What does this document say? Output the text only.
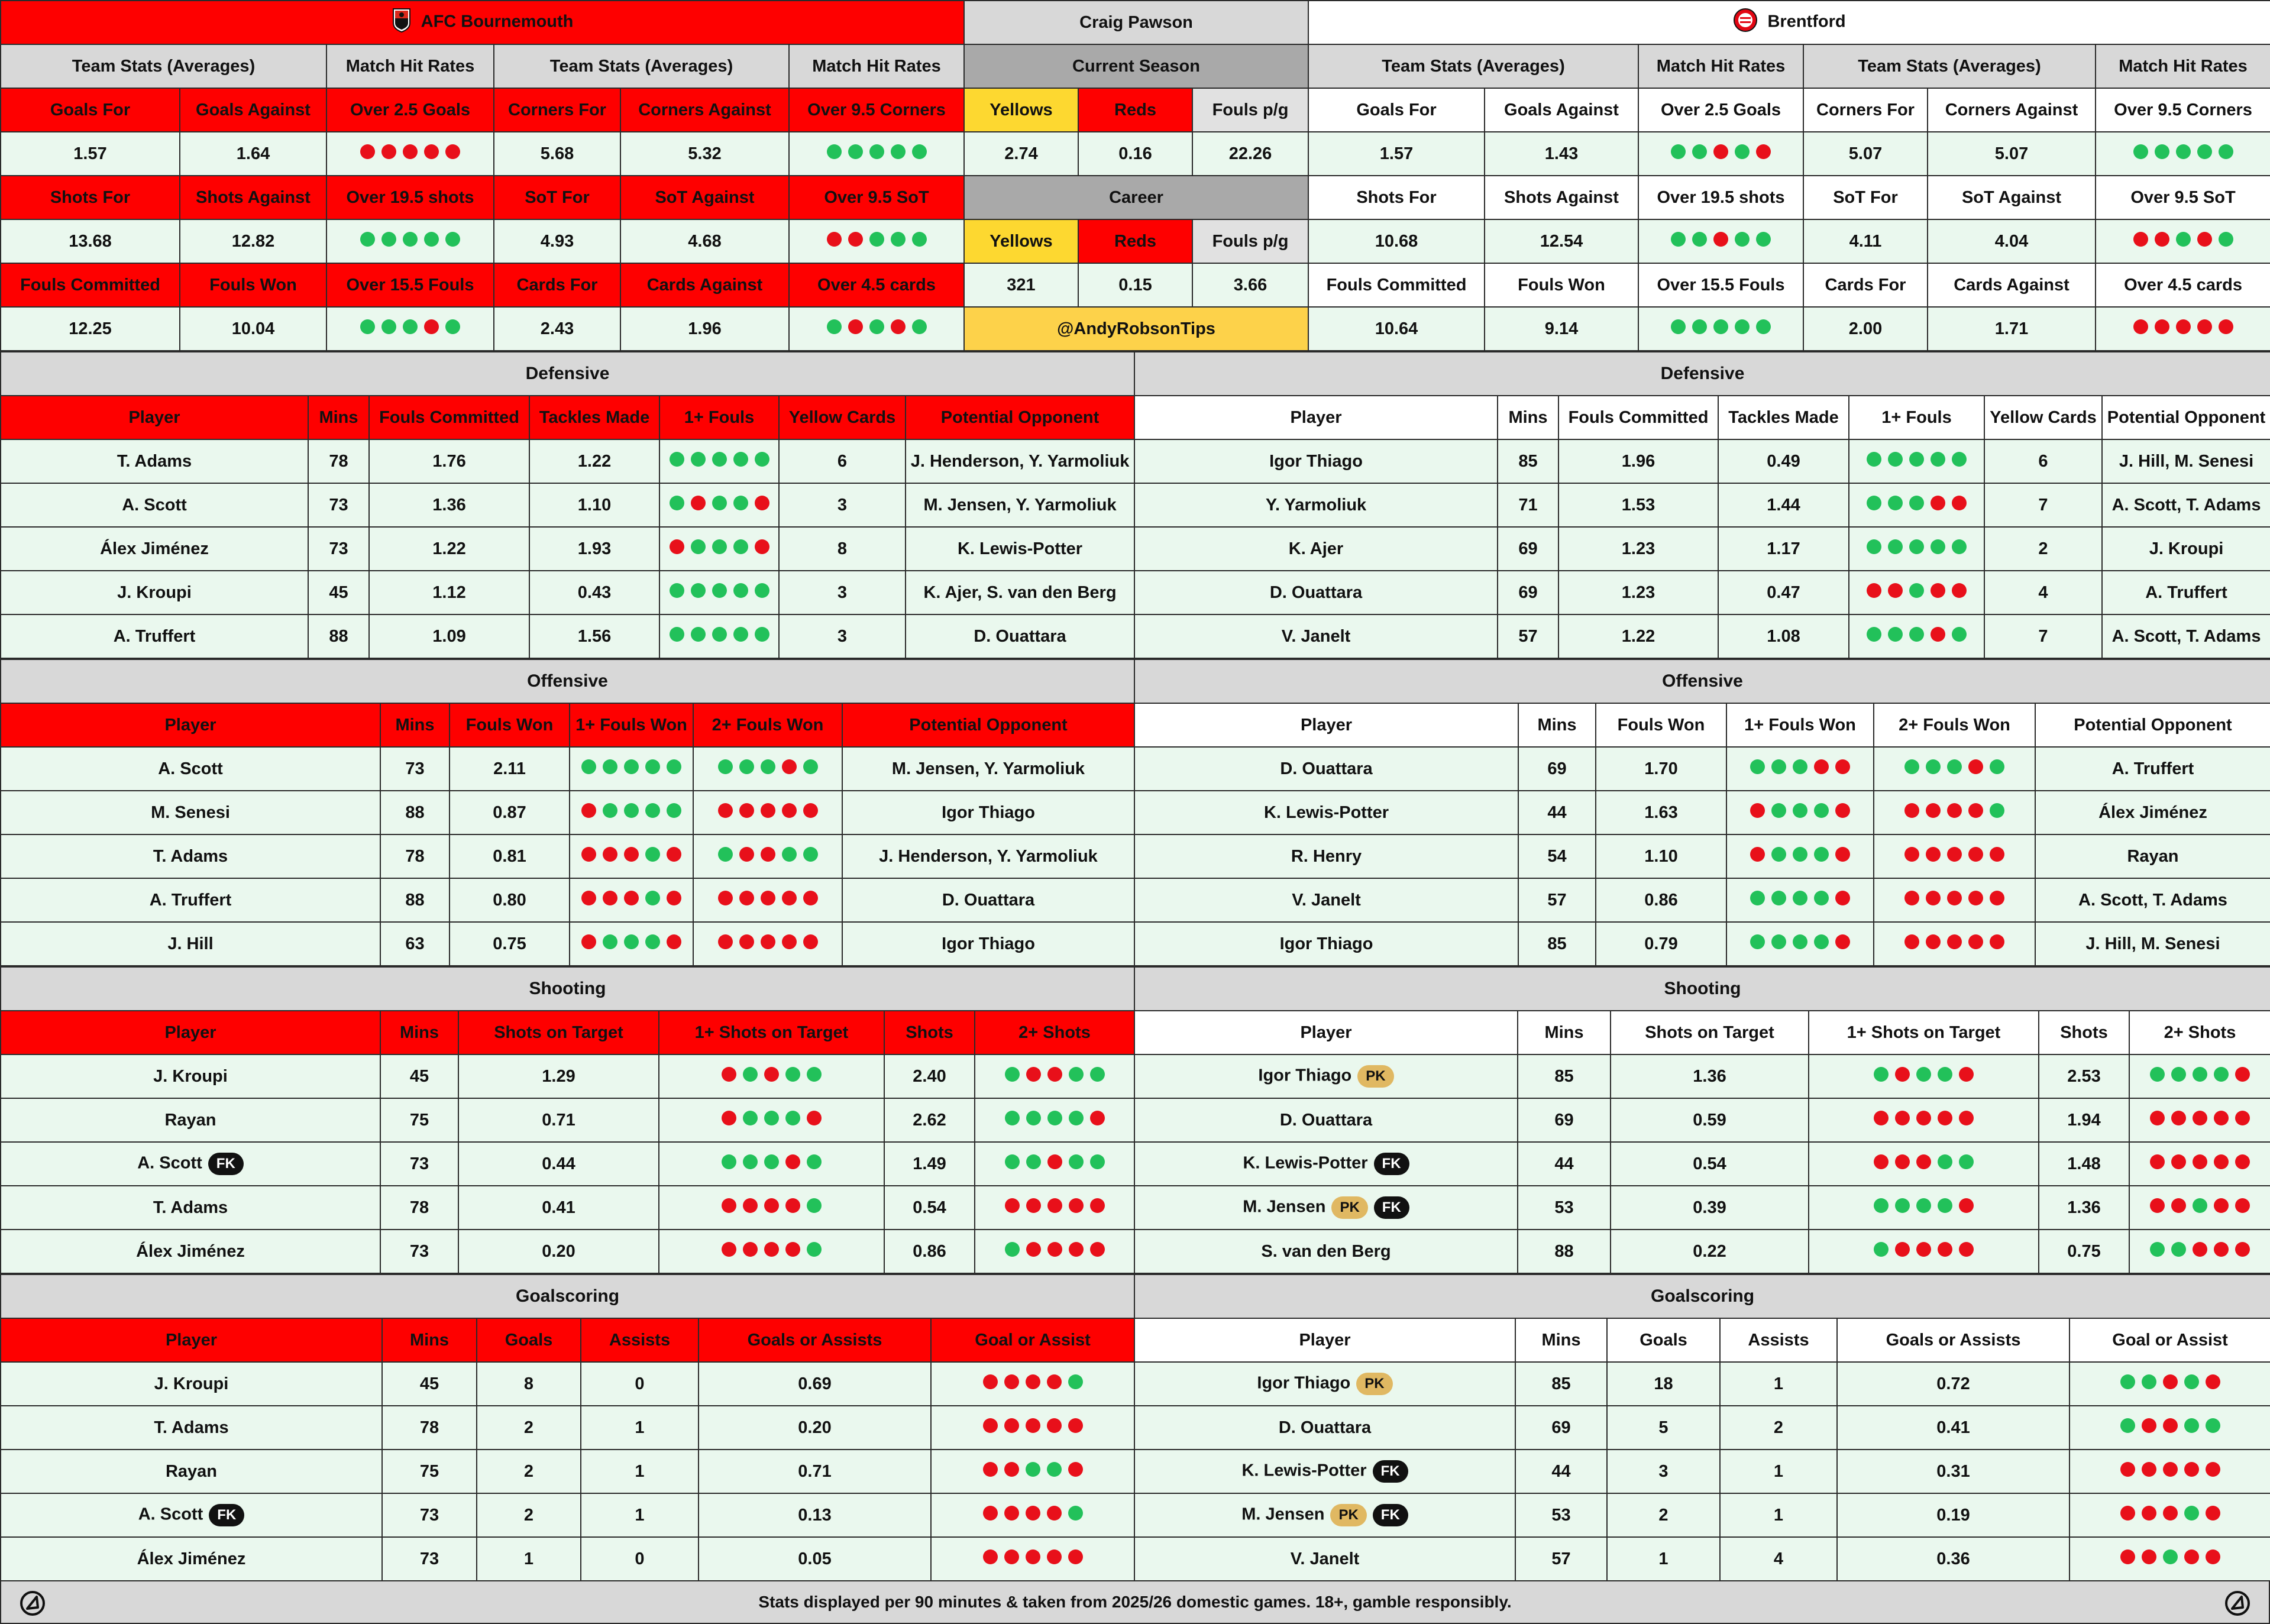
AFC Bournemouth					
Team Stats (Averages)		Match Hit Rates	Team Stats (Averages)		Match Hit Rates
Goals For	Goals Against	Over 2.5 Goals	Corners For	Corners Against	Over 9.5 Corners
1.57	1.64		5.68	5.32	

Shots For	Shots Against	Over 19.5 shots	SoT For	SoT Against	Over 9.5 SoT
13.68	12.82		4.93	4.68	

Fouls Committed	Fouls Won	Over 15.5 Fouls	Cards For	Cards Against	Over 4.5 cards
12.25	10.04		2.43	1.96	
Craig Pawson		
Current Season		
Yellows	Reds	Fouls p/g
2.74	0.16	22.26
Career		
Yellows	Reds	Fouls p/g
321	0.15	3.66
@AndyRobsonTips		
Brentford					
Team Stats (Averages)		Match Hit Rates	Team Stats (Averages)		Match Hit Rates
Goals For	Goals Against	Over 2.5 Goals	Corners For	Corners Against	Over 9.5 Corners
1.57	1.43		5.07	5.07	

Shots For	Shots Against	Over 19.5 shots	SoT For	SoT Against	Over 9.5 SoT
10.68	12.54		4.11	4.04	

Fouls Committed	Fouls Won	Over 15.5 Fouls	Cards For	Cards Against	Over 4.5 cards
10.64	9.14		2.00	1.71	
Defensive						
Player	Mins	Fouls Committed	Tackles Made	1+ Fouls	Yellow Cards	Potential Opponent
T. Adams	78	1.76	1.22		6	J. Henderson, Y. Yarmoliuk
A. Scott	73	1.36	1.10		3	M. Jensen, Y. Yarmoliuk
Álex Jiménez	73	1.22	1.93		8	K. Lewis-Potter
J. Kroupi	45	1.12	0.43		3	K. Ajer, S. van den Berg
A. Truffert	88	1.09	1.56		3	D. Ouattara
Defensive						
Player	Mins	Fouls Committed	Tackles Made	1+ Fouls	Yellow Cards	Potential Opponent
Igor Thiago	85	1.96	0.49		6	J. Hill, M. Senesi
Y. Yarmoliuk	71	1.53	1.44		7	A. Scott, T. Adams
K. Ajer	69	1.23	1.17		2	J. Kroupi
D. Ouattara	69	1.23	0.47		4	A. Truffert
V. Janelt	57	1.22	1.08		7	A. Scott, T. Adams
Offensive					
Player	Mins	Fouls Won	1+ Fouls Won	2+ Fouls Won	Potential Opponent
A. Scott	73	2.11			M. Jensen, Y. Yarmoliuk
M. Senesi	88	0.87			Igor Thiago
T. Adams	78	0.81			J. Henderson, Y. Yarmoliuk
A. Truffert	88	0.80			D. Ouattara
J. Hill	63	0.75			Igor Thiago
Offensive					
Player	Mins	Fouls Won	1+ Fouls Won	2+ Fouls Won	Potential Opponent
D. Ouattara	69	1.70			A. Truffert
K. Lewis-Potter	44	1.63			Álex Jiménez
R. Henry	54	1.10			Rayan
V. Janelt	57	0.86			A. Scott, T. Adams
Igor Thiago	85	0.79			J. Hill, M. Senesi
Shooting					
Player	Mins	Shots on Target	1+ Shots on Target	Shots	2+ Shots
J. Kroupi	45	1.29		2.40	

Rayan	75	0.71		2.62	

A. Scott FK	73	0.44		1.49	

T. Adams	78	0.41		0.54	

Álex Jiménez	73	0.20		0.86	
Shooting					
Player	Mins	Shots on Target	1+ Shots on Target	Shots	2+ Shots
Igor Thiago PK	85	1.36		2.53	

D. Ouattara	69	0.59		1.94	

K. Lewis-Potter FK	44	0.54		1.48	

M. Jensen PK FK	53	0.39		1.36	

S. van den Berg	88	0.22		0.75	
Goalscoring					
Player	Mins	Goals	Assists	Goals or Assists	Goal or Assist
J. Kroupi	45	8	0	0.69	

T. Adams	78	2	1	0.20	

Rayan	75	2	1	0.71	

A. Scott FK	73	2	1	0.13	

Álex Jiménez	73	1	0	0.05	
Goalscoring					
Player	Mins	Goals	Assists	Goals or Assists	Goal or Assist
Igor Thiago PK	85	18	1	0.72	

D. Ouattara	69	5	2	0.41	

K. Lewis-Potter FK	44	3	1	0.31	

M. Jensen PK FK	53	2	1	0.19	

V. Janelt	57	1	4	0.36	
Stats displayed per 90 minutes & taken from 2025/26 domestic games. 18+, gamble responsibly.
